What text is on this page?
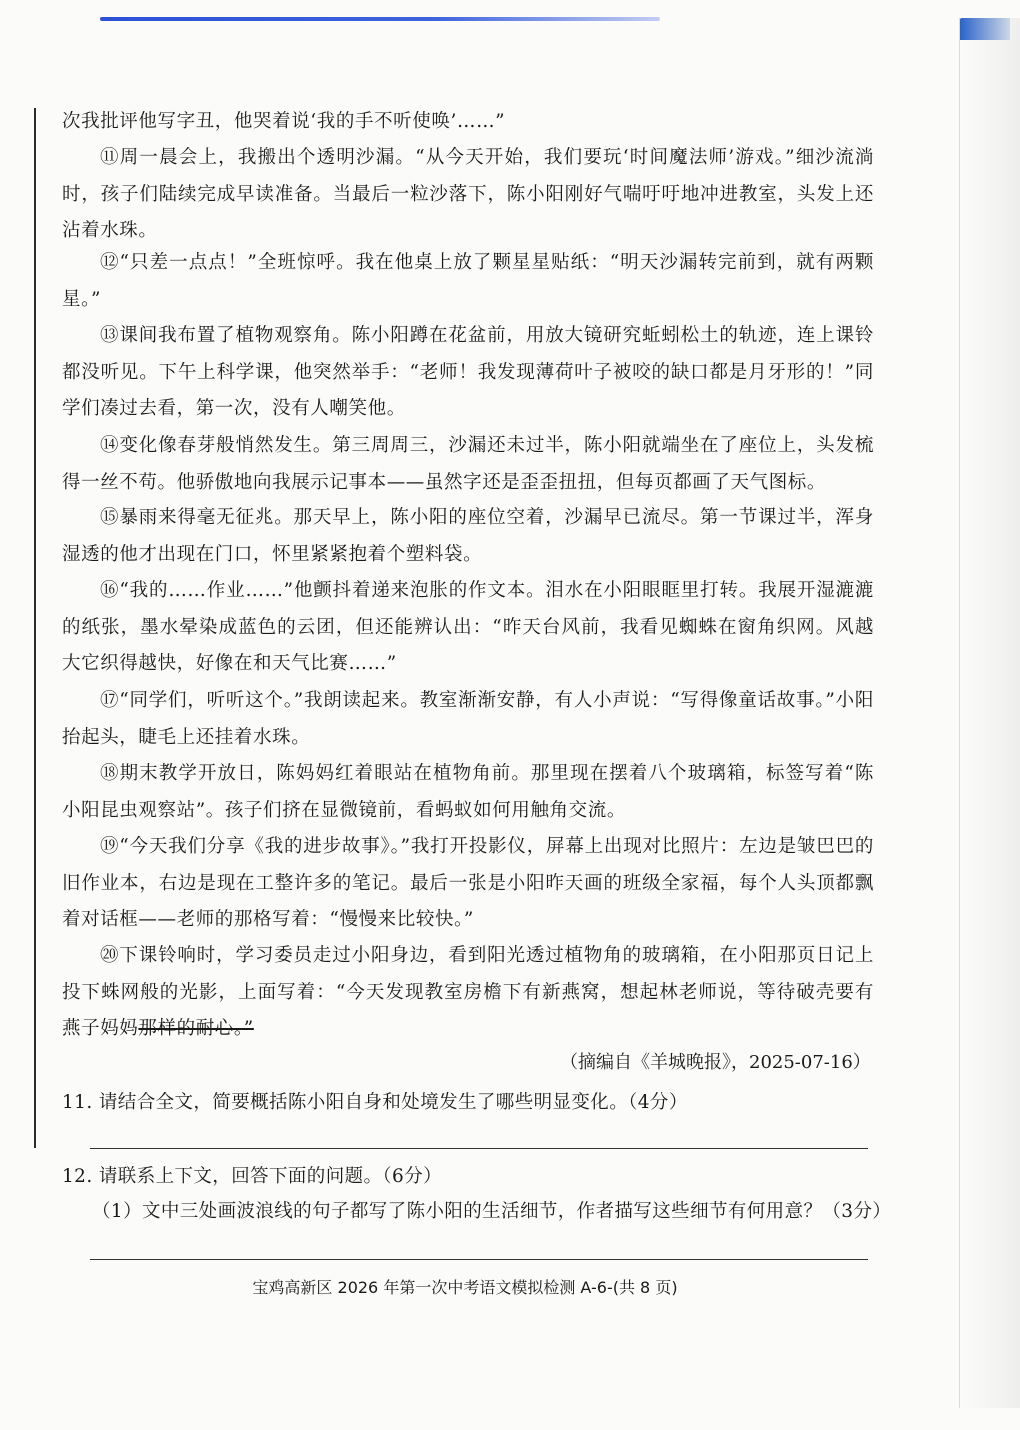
次我批评他写字丑，他哭着说‘我的手不听使唤’……”

⑪周一晨会上，我搬出个透明沙漏。“从今天开始，我们要玩‘时间魔法师’游戏。”细沙流淌时，孩子们陆续完成早读准备。当最后一粒沙落下，陈小阳刚好气喘吁吁地冲进教室，头发上还沾着水珠。

⑫“只差一点点！”全班惊呼。我在他桌上放了颗星星贴纸：“明天沙漏转完前到，就有两颗星。”

⑬课间我布置了植物观察角。陈小阳蹲在花盆前，用放大镜研究蚯蚓松土的轨迹，连上课铃都没听见。下午上科学课，他突然举手：“老师！我发现薄荷叶子被咬的缺口都是月牙形的！”同学们凑过去看，第一次，没有人嘲笑他。

⑭变化像春芽般悄然发生。第三周周三，沙漏还未过半，陈小阳就端坐在了座位上，头发梳得一丝不苟。他骄傲地向我展示记事本——虽然字还是歪歪扭扭，但每页都画了天气图标。

⑮暴雨来得毫无征兆。那天早上，陈小阳的座位空着，沙漏早已流尽。第一节课过半，浑身湿透的他才出现在门口，怀里紧紧抱着个塑料袋。

⑯“我的……作业……”他颤抖着递来泡胀的作文本。泪水在小阳眼眶里打转。我展开湿漉漉的纸张，墨水晕染成蓝色的云团，但还能辨认出：“昨天台风前，我看见蜘蛛在窗角织网。风越大它织得越快，好像在和天气比赛……”

⑰“同学们，听听这个。”我朗读起来。教室渐渐安静，有人小声说：“写得像童话故事。”小阳抬起头，睫毛上还挂着水珠。

⑱期末教学开放日，陈妈妈红着眼站在植物角前。那里现在摆着八个玻璃箱，标签写着“陈小阳昆虫观察站”。孩子们挤在显微镜前，看蚂蚁如何用触角交流。

⑲“今天我们分享《我的进步故事》。”我打开投影仪，屏幕上出现对比照片：左边是皱巴巴的旧作业本，右边是现在工整许多的笔记。最后一张是小阳昨天画的班级全家福，每个人头顶都飘着对话框——老师的那格写着：“慢慢来比较快。”

⑳下课铃响时，学习委员走过小阳身边，看到阳光透过植物角的玻璃箱，在小阳那页日记上投下蛛网般的光影，上面写着：“今天发现教室房檐下有新燕窝，想起林老师说，等待破壳要有燕子妈妈那样的耐心。”

（摘编自《羊城晚报》，2025-07-16）

11. 请结合全文，简要概括陈小阳自身和处境发生了哪些明显变化。（4分）

12. 请联系上下文，回答下面的问题。（6分）

（1）文中三处画波浪线的句子都写了陈小阳的生活细节，作者描写这些细节有何用意？（3分）

宝鸡高新区 2026 年第一次中考语文模拟检测 A-6-(共 8 页)
